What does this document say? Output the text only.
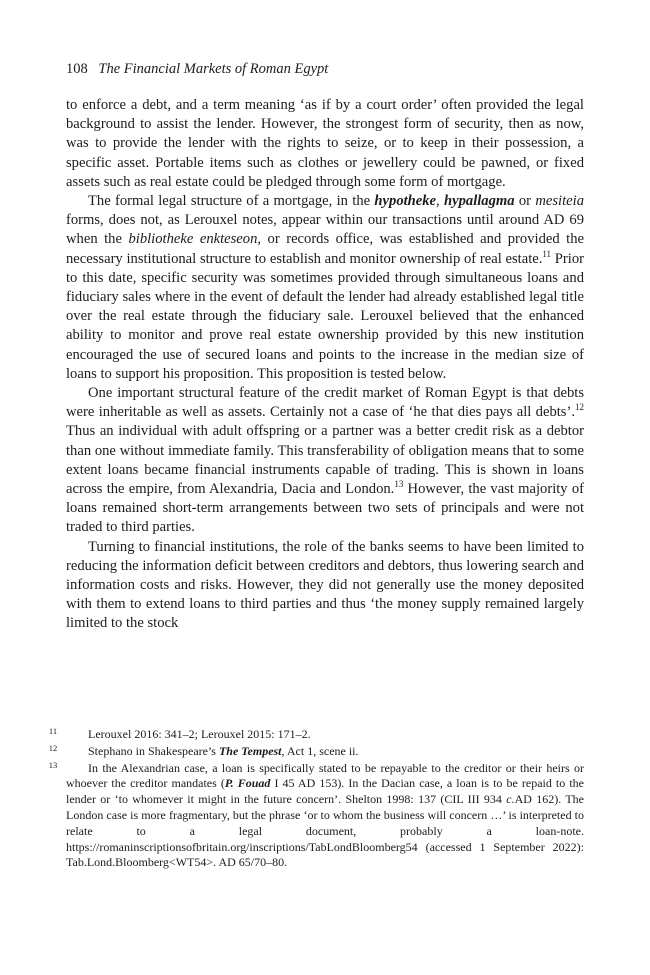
108 The Financial Markets of Roman Egypt

to enforce a debt, and a term meaning ‘as if by a court order’ often provided the legal background to assist the lender. However, the strongest form of security, then as now, was to provide the lender with the rights to seize, or to keep in their possession, a specific asset. Portable items such as clothes or jewellery could be pawned, or fixed assets such as real estate could be pledged through some form of mortgage.

The formal legal structure of a mortgage, in the hypotheke, hypallagma or mesiteia forms, does not, as Lerouxel notes, appear within our transactions until around AD 69 when the bibliotheke enkteseon, or records office, was established and provided the necessary institutional structure to establish and monitor ownership of real estate.$^{11}$ Prior to this date, specific security was sometimes provided through simultaneous loans and fiduciary sales where in the event of default the lender had already established legal title over the real estate through the fiduciary sale. Lerouxel believed that the enhanced ability to monitor and prove real estate ownership provided by this new institution encouraged the use of secured loans and points to the increase in the median size of loans to support his proposition. This proposition is tested below.

One important structural feature of the credit market of Roman Egypt is that debts were inheritable as well as assets. Certainly not a case of ‘he that dies pays all debts’.$^{12}$ Thus an individual with adult offspring or a partner was a better credit risk as a debtor than one without immediate family. This transferability of obligation means that to some extent loans became financial instruments capable of trading. This is shown in loans across the empire, from Alexandria, Dacia and London.$^{13}$ However, the vast majority of loans remained short-term arrangements between two sets of principals and were not traded to third parties.

Turning to financial institutions, the role of the banks seems to have been limited to reducing the information deficit between creditors and debtors, thus lowering search and information costs and risks. However, they did not generally use the money deposited with them to extend loans to third parties and thus ‘the money supply remained largely limited to the stock

11	Lerouxel 2016: 341–2; Lerouxel 2015: 171–2.

12	Stephano in Shakespeare’s The Tempest, Act 1, scene ii.

13	In the Alexandrian case, a loan is specifically stated to be repayable to the creditor or their heirs or whoever the creditor mandates (P. Fouad I 45 AD 153). In the Dacian case, a loan is to be repaid to the lender or ‘to whomever it might in the future concern’. Shelton 1998: 137 (CIL III 934 c.AD 162). The London case is more fragmentary, but the phrase ‘or to whom the business will concern …’ is interpreted to relate to a legal document, probably a loan-note. https://romaninscriptionsofbritain.org/inscriptions/TabLondBloomberg54 (accessed 1 September 2022): Tab.Lond.Bloomberg<WT54>. AD 65/70–80.
